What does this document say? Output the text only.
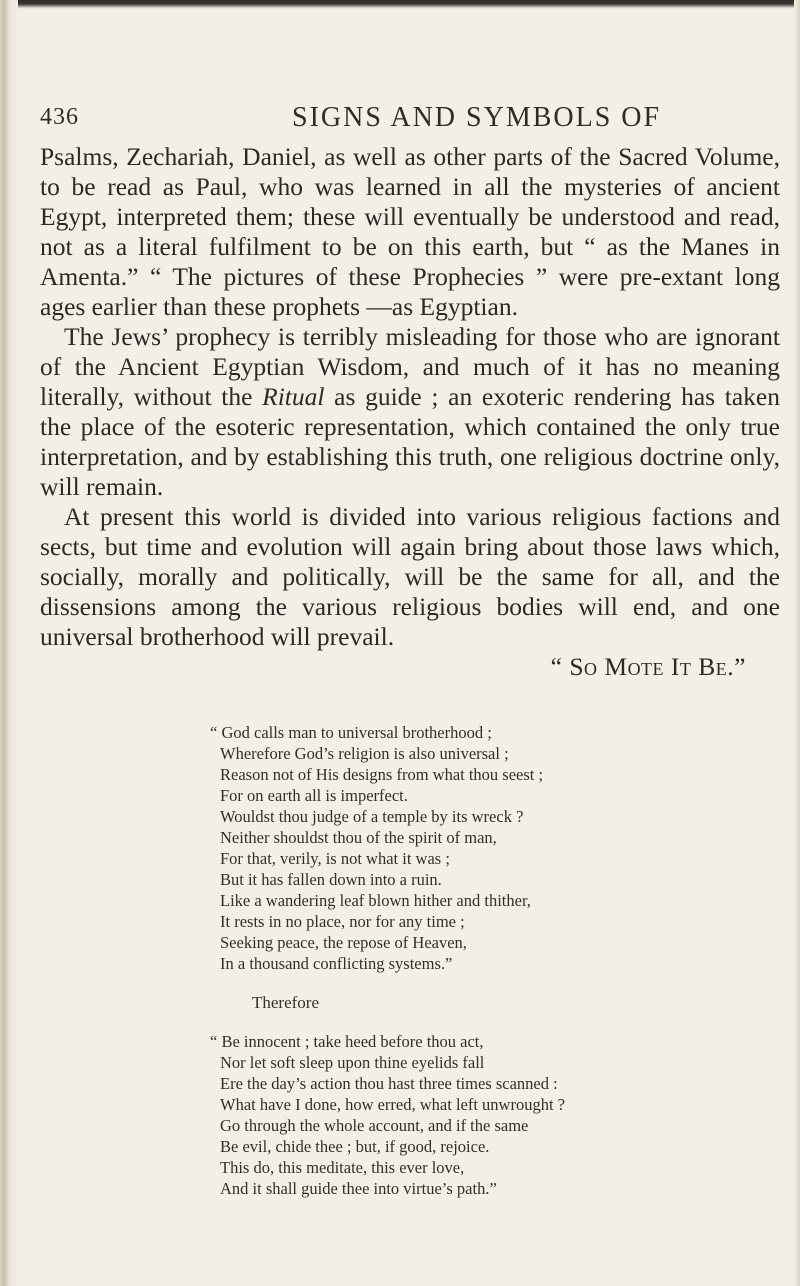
436	SIGNS AND SYMBOLS OF

Psalms, Zechariah, Daniel, as well as other parts of the Sacred Volume, to be read as Paul, who was learned in all the mysteries of ancient Egypt, interpreted them; these will eventually be understood and read, not as a literal fulfilment to be on this earth, but “ as the Manes in Amenta.” “ The pictures of these Prophecies ” were pre-extant long ages earlier than these prophets —as Egyptian.

The Jews’ prophecy is terribly misleading for those who are ignorant of the Ancient Egyptian Wisdom, and much of it has no meaning literally, without the Ritual as guide ; an exoteric rendering has taken the place of the esoteric representation, which contained the only true interpretation, and by establishing this truth, one religious doctrine only, will remain.

At present this world is divided into various religious factions and sects, but time and evolution will again bring about those laws which, socially, morally and politically, will be the same for all, and the dissensions among the various religious bodies will end, and one universal brotherhood will prevail.

“ So Mote It Be.”

“ God calls man to universal brotherhood ;
Wherefore God’s religion is also universal ;
Reason not of His designs from what thou seest ;
For on earth all is imperfect.
Wouldst thou judge of a temple by its wreck ?
Neither shouldst thou of the spirit of man,
For that, verily, is not what it was ;
But it has fallen down into a ruin.
Like a wandering leaf blown hither and thither,
It rests in no place, nor for any time ;
Seeking peace, the repose of Heaven,
In a thousand conflicting systems.”
Therefore
“ Be innocent ; take heed before thou act,
Nor let soft sleep upon thine eyelids fall
Ere the day’s action thou hast three times scanned :
What have I done, how erred, what left unwrought ?
Go through the whole account, and if the same
Be evil, chide thee ; but, if good, rejoice.
This do, this meditate, this ever love,
And it shall guide thee into virtue’s path.”
